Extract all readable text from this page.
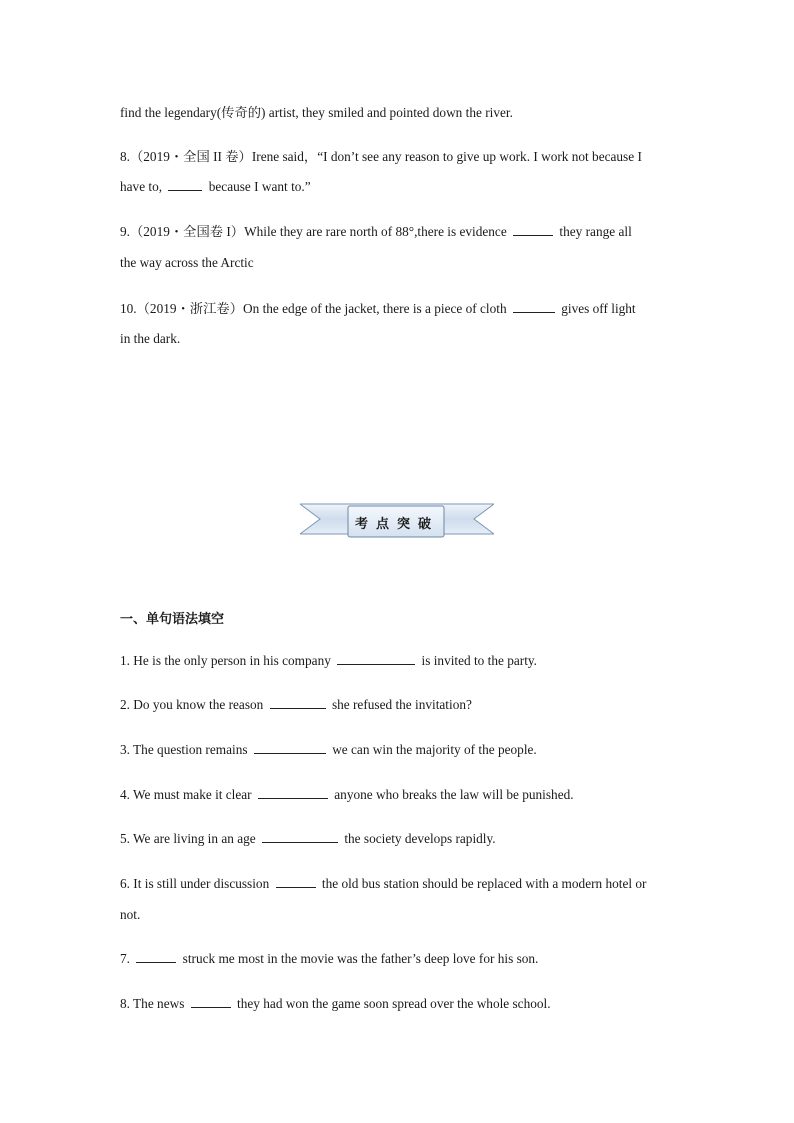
find the legendary(传奇的) artist, they smiled and pointed down the river.
8.（2019・全国 II 卷）Irene said，“I don’t see any reason to give up work. I work not because I
have to,	because I want to.”
9.（2019・全国卷 I）While they are rare north of 88°,there is evidence	they range all
the way across the Arctic
10.（2019・浙江卷）On the edge of the jacket, there is a piece of cloth	gives off light
in the dark.
考点突破
一、单句语法填空
1. He is the only person in his company	is invited to the party.
2. Do you know the reason	she refused the invitation?
3. The question remains	we can win the majority of the people.
4. We must make it clear	anyone who breaks the law will be punished.
5. We are living in an age	the society develops rapidly.
6. It is still under discussion	the old bus station should be replaced with a modern hotel or
not.
7.	struck me most in the movie was the father’s deep love for his son.
8. The news	they had won the game soon spread over the whole school.
